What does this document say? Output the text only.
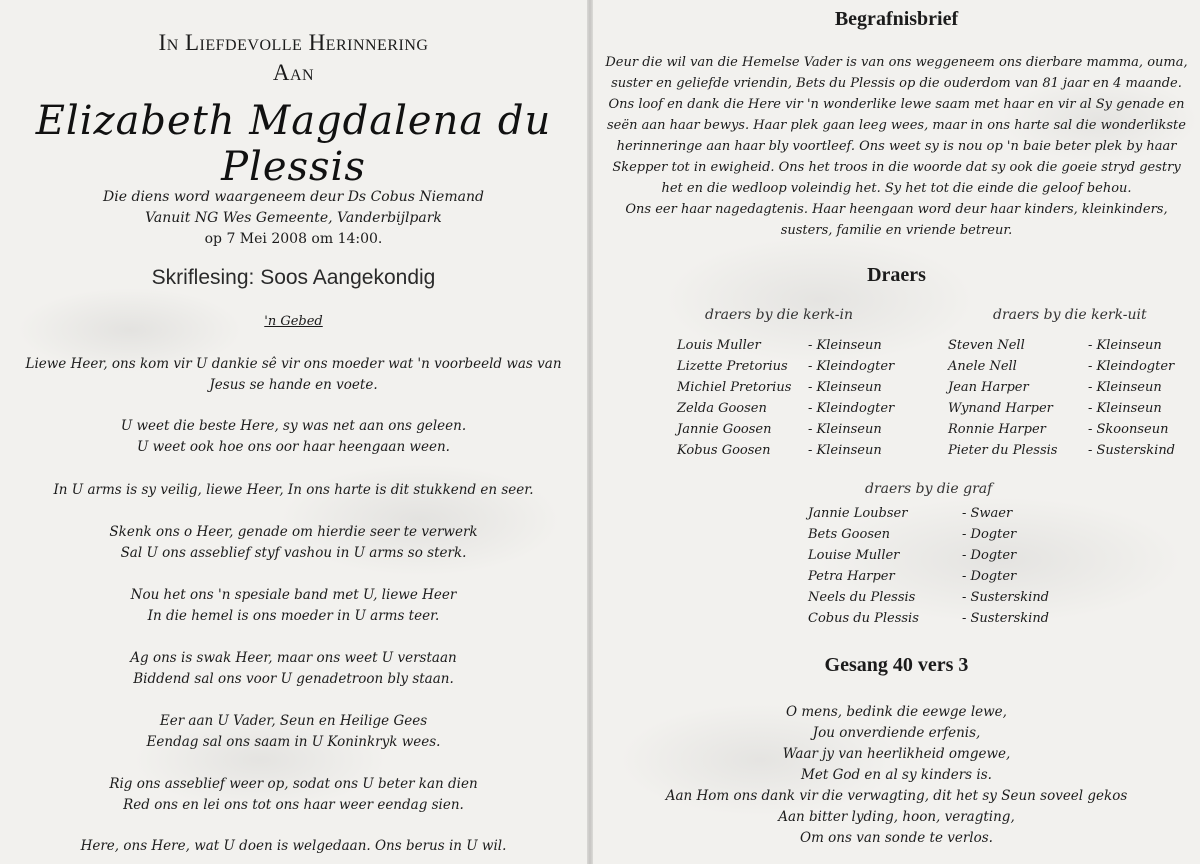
In Liefdevolle Herinnering
Aan
Elizabeth Magdalena du Plessis
Die diens word waargeneem deur Ds Cobus Niemand
Vanuit NG Wes Gemeente, Vanderbijlpark
op 7 Mei 2008 om 14:00.
Skriflesing: Soos Aangekondig
'n Gebed
Liewe Heer, ons kom vir U dankie sê vir ons moeder wat 'n voorbeeld was van
Jesus se hande en voete.
U weet die beste Here, sy was net aan ons geleen.
U weet ook hoe ons oor haar heengaan ween.
In U arms is sy veilig, liewe Heer, In ons harte is dit stukkend en seer.
Skenk ons o Heer, genade om hierdie seer te verwerk
Sal U ons asseblief styf vashou in U arms so sterk.
Nou het ons 'n spesiale band met U, liewe Heer
In die hemel is ons moeder in U arms teer.
Ag ons is swak Heer, maar ons weet U verstaan
Biddend sal ons voor U genadetroon bly staan.
Eer aan U Vader, Seun en Heilige Gees
Eendag sal ons saam in U Koninkryk wees.
Rig ons asseblief weer op, sodat ons U beter kan dien
Red ons en lei ons tot ons haar weer eendag sien.
Here, ons Here, wat U doen is welgedaan. Ons berus in U wil.
Begrafnisbrief
Deur die wil van die Hemelse Vader is van ons weggeneem ons dierbare mamma, ouma,
suster en geliefde vriendin, Bets du Plessis op die ouderdom van 81 jaar en 4 maande.
Ons loof en dank die Here vir 'n wonderlike lewe saam met haar en vir al Sy genade en
seën aan haar bewys. Haar plek gaan leeg wees, maar in ons harte sal die wonderlikste
herinneringe aan haar bly voortleef. Ons weet sy is nou op 'n baie beter plek by haar
Skepper tot in ewigheid. Ons het troos in die woorde dat sy ook die goeie stryd gestry
het en die wedloop voleindig het. Sy het tot die einde die geloof behou.
Ons eer haar nagedagtenis. Haar heengaan word deur haar kinders, kleinkinders,
susters, familie en vriende betreur.
Draers
draers by die kerk-in
Louis Muller	- Kleinseun
Lizette Pretorius	- Kleindogter
Michiel Pretorius	- Kleinseun
Zelda Goosen	- Kleindogter
Jannie Goosen	- Kleinseun
Kobus Goosen	- Kleinseun
draers by die kerk-uit
Steven Nell	- Kleinseun
Anele Nell	- Kleindogter
Jean Harper	- Kleinseun
Wynand Harper	- Kleinseun
Ronnie Harper	- Skoonseun
Pieter du Plessis	- Susterskind
draers by die graf
Jannie Loubser	- Swaer
Bets Goosen	- Dogter
Louise Muller	- Dogter
Petra Harper	- Dogter
Neels du Plessis	- Susterskind
Cobus du Plessis	- Susterskind
Gesang 40 vers 3
O mens, bedink die eewge lewe,
Jou onverdiende erfenis,
Waar jy van heerlikheid omgewe,
Met God en al sy kinders is.
Aan Hom ons dank vir die verwagting, dit het sy Seun soveel gekos
Aan bitter lyding, hoon, veragting,
Om ons van sonde te verlos.
